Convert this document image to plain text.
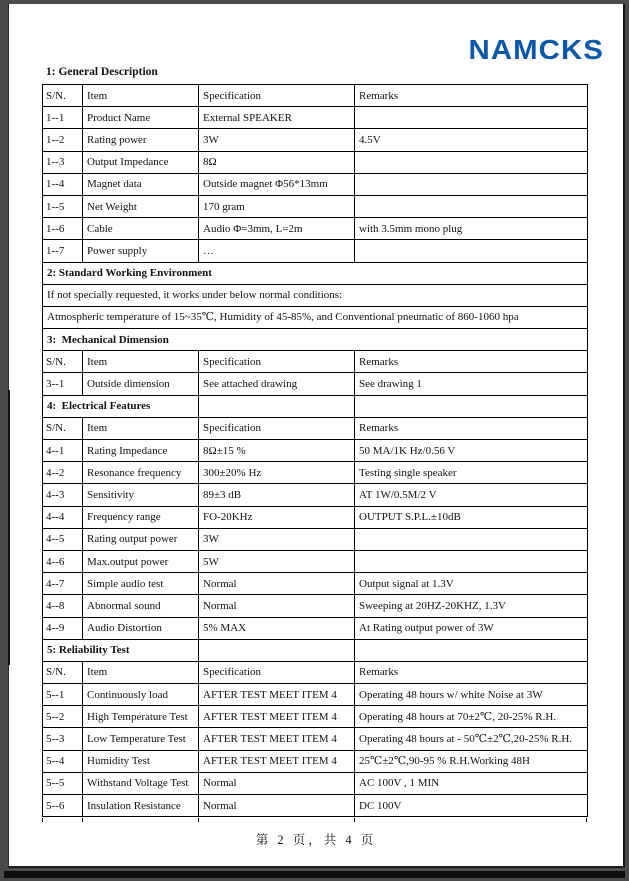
NAMCKS
1: General Description
S/N.	Item	Specification	Remarks
1--1	Product Name	External SPEAKER	
1--2	Rating power	3W	4.5V
1--3	Output Impedance	8Ω	
1--4	Magnet data	Outside magnet Φ56*13mm	
1--5	Net Weight	170 gram	
1--6	Cable	Audio Φ=3mm, L=2m	with 3.5mm mono plug
1--7	Power supply	…	
2: Standard Working Environment			
If not specially requested, it works under below normal conditions:			
Atmospheric temperature of 15~35℃, Humidity of 45-85%, and Conventional pneumatic of 860-1060 hpa			
3:  Mechanical Dimension			
S/N.	Item	Specification	Remarks
3--1	Outside dimension	See attached drawing	See drawing 1
4:  Electrical Features			
S/N.	Item	Specification	Remarks
4--1	Rating Impedance	8Ω±15 %	50 MA/1K Hz/0.56 V
4--2	Resonance frequency	300±20% Hz	Testing single speaker
4--3	Sensitivity	89±3 dB	AT 1W/0.5M/2 V
4--4	Frequency range	FO-20KHz	OUTPUT S.P.L.±10dB
4--5	Rating output power	3W	
4--6	Max.output power	5W	
4--7	Simple audio test	Normal	Output signal at 1.3V
4--8	Abnormal sound	Normal	Sweeping at 20HZ-20KHZ, 1.3V
4--9	Audio Distortion	5% MAX	At Rating output power of 3W
5: Reliability Test			
S/N.	Item	Specification	Remarks
5--1	Continuously load	AFTER TEST MEET ITEM 4	Operating 48 hours w/ white Noise at 3W
5--2	High Temperature Test	AFTER TEST MEET ITEM 4	Operating 48 hours at 70±2℃, 20-25% R.H.
5--3	Low Temperature Test	AFTER TEST MEET ITEM 4	Operating 48 hours at - 50℃±2℃,20-25% R.H.
5--4	Humidity Test	AFTER TEST MEET ITEM 4	25℃±2℃,90-95 % R.H.Working 48H
5--5	Withstand Voltage Test	Normal	AC 100V , 1 MIN
5--6	Insulation Resistance	Normal	DC 100V
第 2 页，共 4 页
